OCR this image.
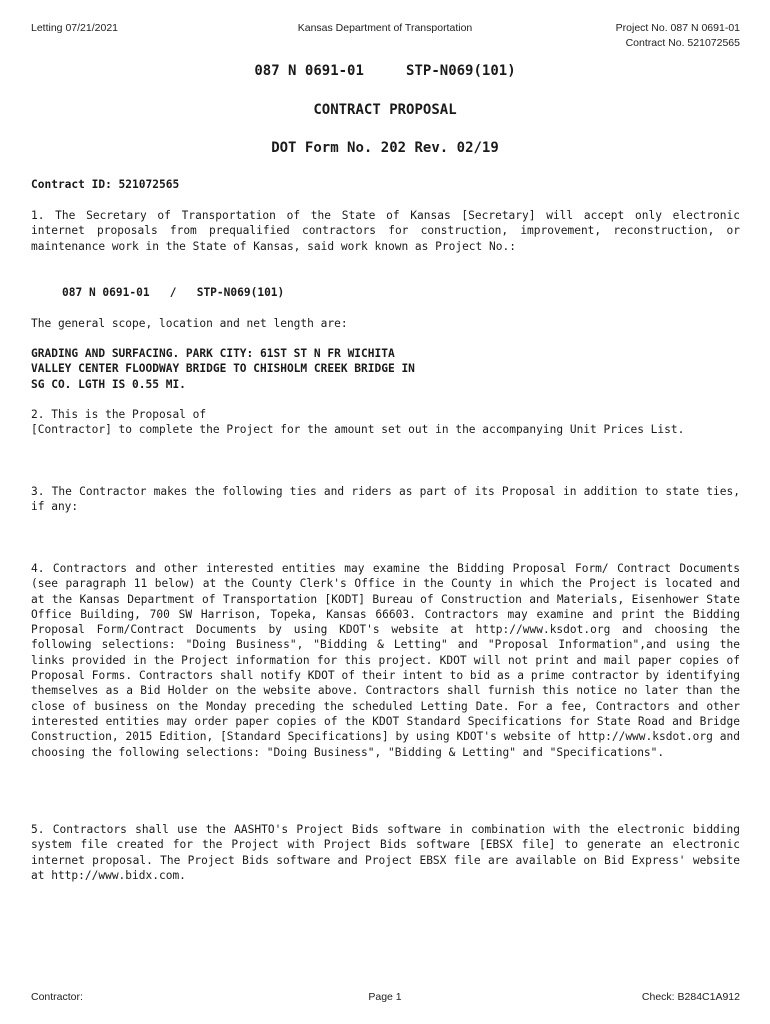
Letting 07/21/2021	Kansas Department of Transportation	Project No. 087 N 0691-01
Contract No. 521072565
087 N 0691-01     STP-N069(101)
CONTRACT PROPOSAL
DOT Form No. 202 Rev. 02/19

Contract ID: 521072565

1. The Secretary of Transportation of the State of Kansas [Secretary] will accept only electronic internet proposals from prequalified contractors for construction, improvement, reconstruction, or maintenance work in the State of Kansas, said work known as Project No.:

087 N 0691-01   /   STP-N069(101)

The general scope, location and net length are:

GRADING AND SURFACING. PARK CITY: 61ST ST N FR WICHITA
VALLEY CENTER FLOODWAY BRIDGE TO CHISHOLM CREEK BRIDGE IN
SG CO. LGTH IS 0.55 MI.
2. This is the Proposal of
[Contractor] to complete the Project for the amount set out in the accompanying Unit Prices List.

3. The Contractor makes the following ties and riders as part of its Proposal in addition to state ties, if any:

4. Contractors and other interested entities may examine the Bidding Proposal Form/ Contract Documents (see paragraph 11 below) at the County Clerk's Office in the County in which the Project is located and at the Kansas Department of Transportation [KODT] Bureau of Construction and Materials, Eisenhower State Office Building, 700 SW Harrison, Topeka, Kansas 66603. Contractors may examine and print the Bidding Proposal Form/Contract Documents by using KDOT's website at http://www.ksdot.org and choosing the following selections: "Doing Business", "Bidding & Letting" and "Proposal Information",and using the links provided in the Project information for this project. KDOT will not print and mail paper copies of Proposal Forms. Contractors shall notify KDOT of their intent to bid as a prime contractor by identifying themselves as a Bid Holder on the website above. Contractors shall furnish this notice no later than the close of business on the Monday preceding the scheduled Letting Date. For a fee, Contractors and other interested entities may order paper copies of the KDOT Standard Specifications for State Road and Bridge Construction, 2015 Edition, [Standard Specifications] by using KDOT's website of http://www.ksdot.org and choosing the following selections: "Doing Business", "Bidding & Letting" and "Specifications".

5. Contractors shall use the AASHTO's Project Bids software in combination with the electronic bidding system file created for the Project with Project Bids software [EBSX file] to generate an electronic internet proposal. The Project Bids software and Project EBSX file are available on Bid Express' website at http://www.bidx.com.

Contractor:	Page 1	Check: B284C1A912
